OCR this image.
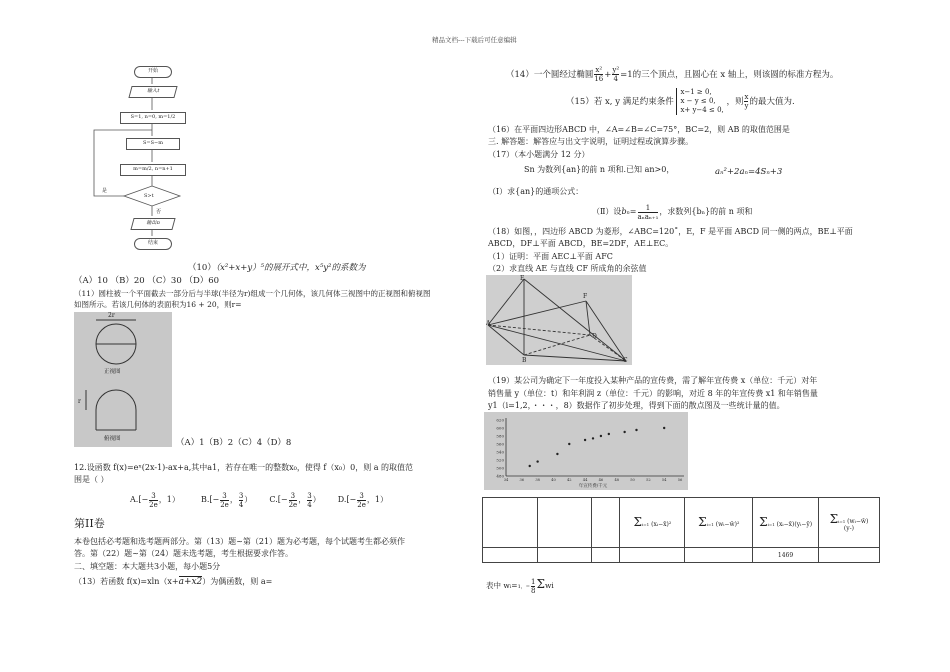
精品文档---下载后可任意编辑
开始
输入t
S=1, n=0, m=1/2
S=S−m
m=m/2, n=n+1
S>t
是
否
输出n
结束
（10）（x²+x+y）⁵的展开式中，x⁵y²的系数为
（A）10 （B）20 （C）30 （D）60
（11）圆柱被一个平面截去一部分后与半球(半径为r)组成一个几何体，该几何体三视图中的正视图和俯视图
如图所示。若该几何体的表面积为16 + 20，则r=
2r
r
正视图
俯视图	（A）1（B）2（C）4（D）8
12.设函数 f(x)=eˣ(2x-1)-ax+a,其中a1，若存在唯一的整数x₀，使得 f（x₀）0，则 a 的取值范
围是（ ）
$A.[- \frac{3}{2e}$ ，1）	$B.[- \frac{3}{2e}$ ， $\frac{3}{4}$ ） $C.[- \frac{3}{2e}$ ， $\frac{3}{4}$ ） $D.[- \frac{3}{2e}$ ，1）
第II卷
本卷包括必考题和选考题两部分。第（13）题~第（21）题为必考题，每个试题考生都必须作
答。第（22）题~第（24）题未选考题，考生根据要求作答。
二、填空题：本大题共3小题，每小题5分
（13）若函数 f(x)=xln（x+a+x2）为偶函数，则 a=
（14）一个圆经过椭圆 $\frac{\text{x²}}{16} + \frac{\text{y²}}{4} =1$的三个顶点，且圆心在 x 轴上，则该圆的标准方程为。
（15）若 x, y 满足约束条件
x−1 ≥ 0,
x − y ≤ 0,
x+ y−4 ≤ 0,
，则 $\frac{x}{y}$ 的最大值为.
（16）在平面四边形ABCD 中，∠A=∠B=∠C=75°，BC=2，则 AB 的取值范围是
三. 解答题：解答应与出文字说明，证明过程或演算步骤。
（17）（本小题满分 12 分）
Sn 为数列{an}的前 n 项和.已知 an>0，	aₙ²+2aₙ=4Sₙ+3
（Ⅰ）求{an}的通项公式：
（Ⅱ）设$b_n= \frac{1}{\text{aₙaₙ₊₁}}$ ，求数列{bₙ}的前 n 项和
（18）如图，，四边形 ABCD 为菱形，∠ABC=120˚，E，F 是平面 ABCD 同一侧的两点，BE⊥平面
ABCD，DF⊥平面 ABCD，BE=2DF，AE⊥EC。
（1）证明：平面 AEC⊥平面 AFC
（2）求直线 AE 与直线 CF 所成角的余弦值
E
F
A
B	C
D
（19）某公司为确定下一年度投入某种产品的宣传费，需了解年宣传费 x（单位：千元）对年
销售量 y（单位：t）和年利润 z（单位：千元）的影响，对近 8 年的年宣传费 x1 和年销售量
y1（i=1,2，・・・，8）数据作了初步处理，得到下面的散点图及一些统计量的值。
620
600
580
560
540
520
500
480
34	36	38	40	42	44	46	48	50	52	54	56
年宣传费/千元
			Σi=1 (xᵢ−x̄)²	Σi=1 (wᵢ−w̄)²	Σi=1 (xᵢ−x̄)(yᵢ−ȳ)	Σi=1 (wᵢ−w̄)
(y-)
					1469	
表中 wᵢ=1，= $\frac{1}{8}$ Σwi
